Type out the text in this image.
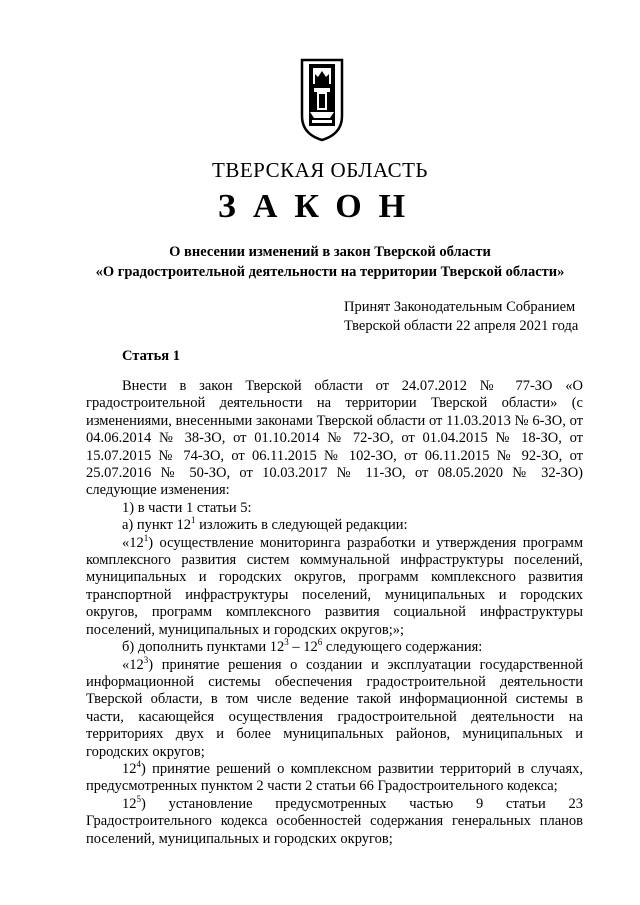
ТВЕРСКАЯ ОБЛАСТЬ
ЗАКОН
О внесении изменений в закон Тверской области
«О градостроительной деятельности на территории Тверской области»
Принят Законодательным Собранием
Тверской области 22 апреля 2021 года
Статья 1

Внести в закон Тверской области от 24.07.2012 № 77-ЗО «О градостроительной деятельности на территории Тверской области» (с изменениями, внесенными законами Тверской области от 11.03.2013 № 6-ЗО, от 04.06.2014 № 38-ЗО, от 01.10.2014 № 72-ЗО, от 01.04.2015 № 18-ЗО, от 15.07.2015 № 74-ЗО, от 06.11.2015 № 102-ЗО, от 06.11.2015 № 92-ЗО, от 25.07.2016 № 50-ЗО, от 10.03.2017 № 11-ЗО, от 08.05.2020 № 32-ЗО) следующие изменения:

1) в части 1 статьи 5:

а) пункт $12^1$ изложить в следующей редакции:

«$12^1$) осуществление мониторинга разработки и утверждения программ комплексного развития систем коммунальной инфраструктуры поселений, муниципальных и городских округов, программ комплексного развития транспортной инфраструктуры поселений, муниципальных и городских округов, программ комплексного развития социальной инфраструктуры поселений, муниципальных и городских округов;»;

б) дополнить пунктами $12^3 - 12^6$ следующего содержания:

«$12^3$) принятие решения о создании и эксплуатации государственной информационной системы обеспечения градостроительной деятельности Тверской области, в том числе ведение такой информационной системы в части, касающейся осуществления градостроительной деятельности на территориях двух и более муниципальных районов, муниципальных и городских округов;

$12^4$) принятие решений о комплексном развитии территорий в случаях, предусмотренных пунктом 2 части 2 статьи 66 Градостроительного кодекса;

$12^5$) установление предусмотренных частью 9 статьи 23 Градостроительного кодекса особенностей содержания генеральных планов поселений, муниципальных и городских округов;
